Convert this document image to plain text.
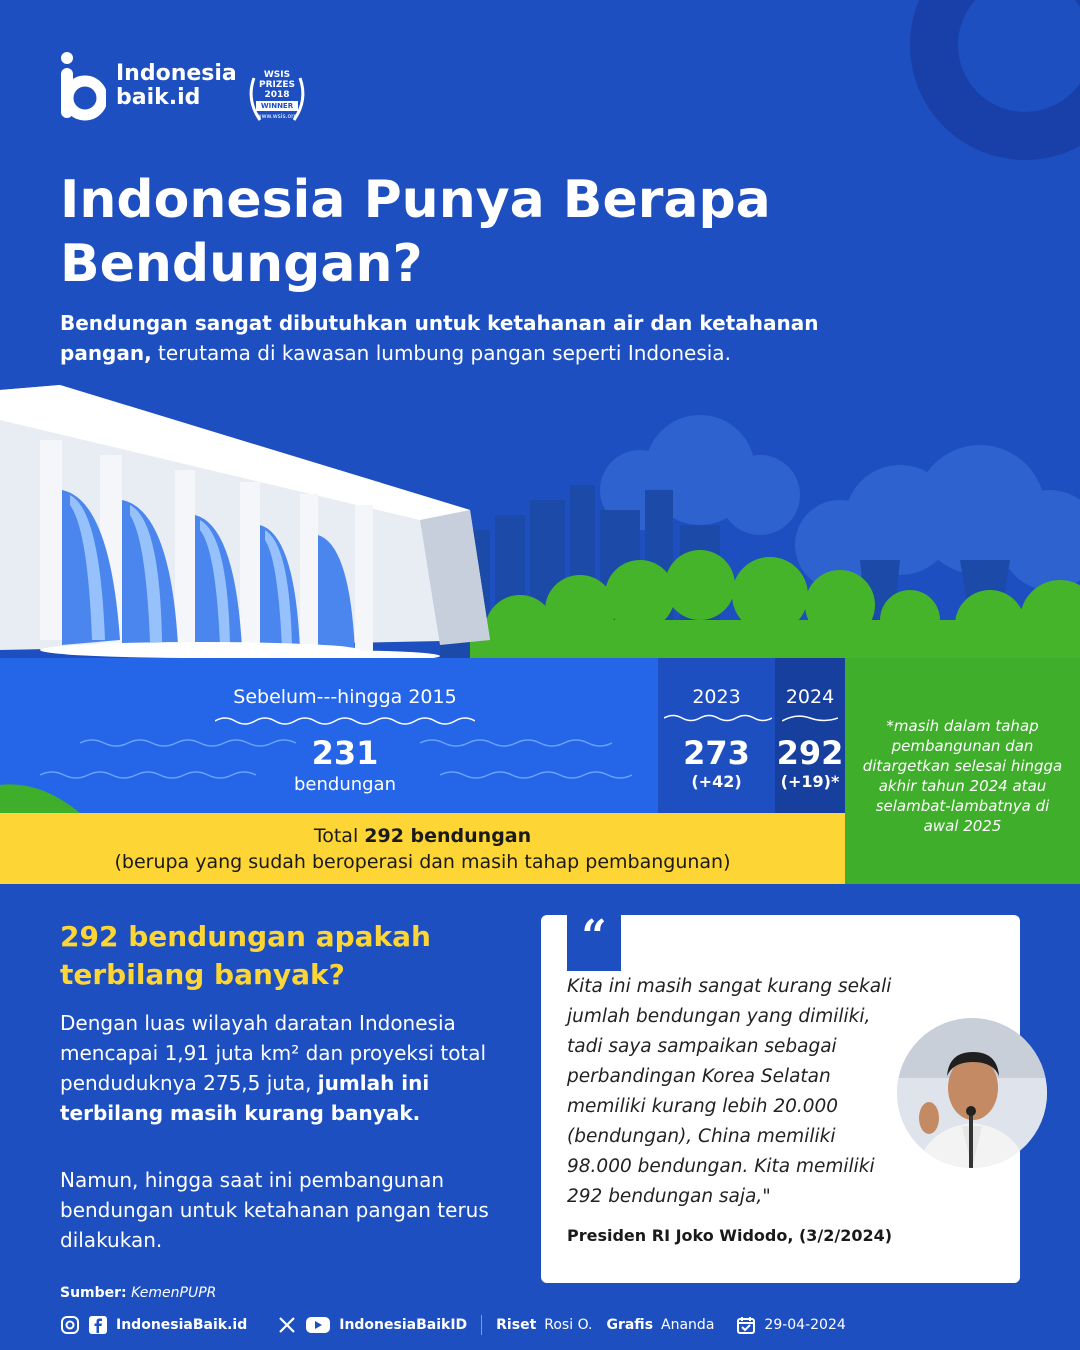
Indonesia
baik.id
WSIS
PRIZES
2018
WINNER
www.wsis.org
Indonesia Punya Berapa Bendungan?
Bendungan sangat dibutuhkan untuk ketahanan air dan ketahanan pangan, terutama di kawasan lumbung pangan seperti Indonesia.
Sebelum---hingga 2015
231
bendungan
2023
273
(+42)
2024
292
(+19)*
*masih dalam tahap pembangunan dan ditargetkan selesai hingga akhir tahun 2024 atau selambat-lambatnya di awal 2025
Total 292 bendungan
(berupa yang sudah beroperasi dan masih tahap pembangunan)
292 bendungan apakah terbilang banyak?
Dengan luas wilayah daratan Indonesia mencapai 1,91 juta km² dan proyeksi total penduduknya 275,5 juta, jumlah ini terbilang masih kurang banyak.
Namun, hingga saat ini pembangunan bendungan untuk ketahanan pangan terus dilakukan.
“
Kita ini masih sangat kurang sekali jumlah bendungan yang dimiliki, tadi saya sampaikan sebagai perbandingan Korea Selatan memiliki kurang lebih 20.000 (bendungan), China memiliki 98.000 bendungan. Kita memiliki 292 bendungan saja,"
Presiden RI Joko Widodo, (3/2/2024)
Sumber: KemenPUPR
IndonesiaBaik.id	IndonesiaBaikID Riset Rosi O. Grafis Ananda	29-04-2024
